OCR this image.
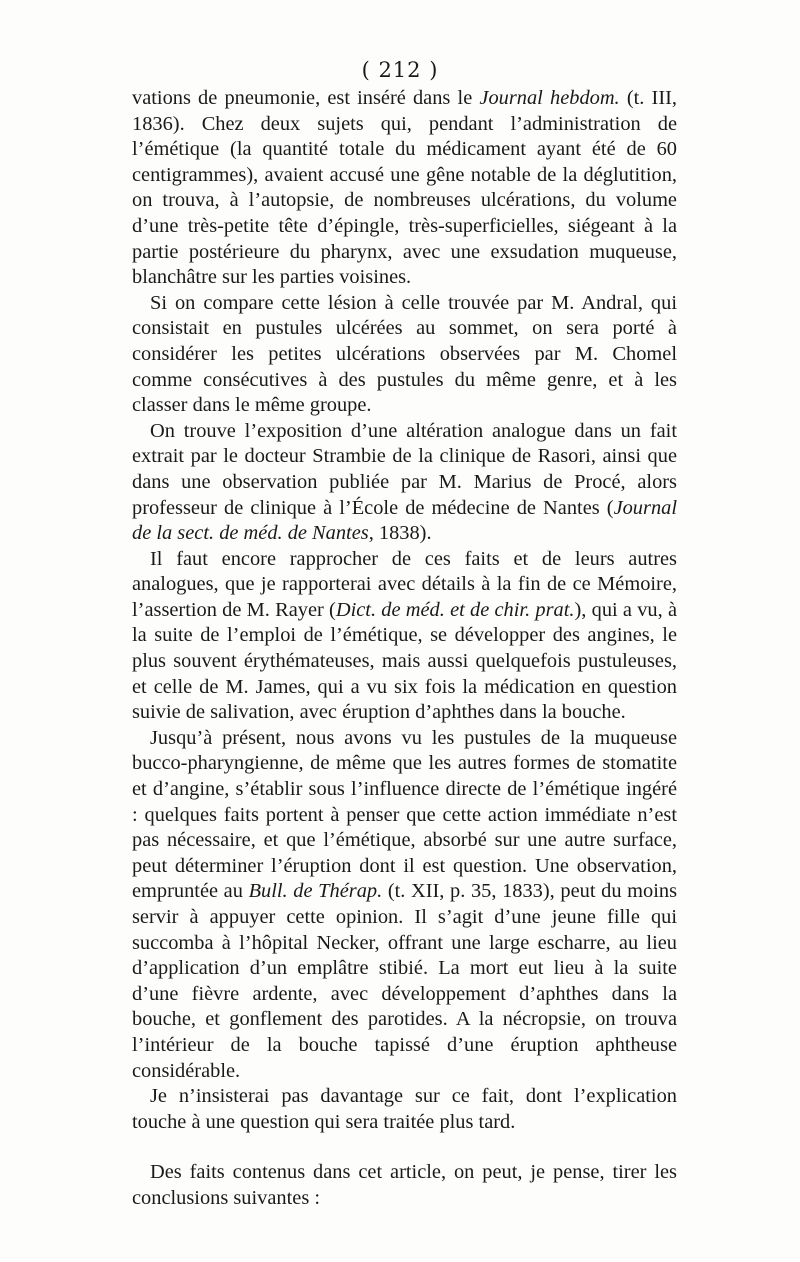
( 212 )

vations de pneumonie, est inséré dans le Journal hebdom. (t. III, 1836). Chez deux sujets qui, pendant l’administration de l’émétique (la quantité totale du médicament ayant été de 60 centigrammes), avaient accusé une gêne notable de la déglutition, on trouva, à l’autopsie, de nombreuses ulcérations, du volume d’une très-petite tête d’épingle, très-superficielles, siégeant à la partie postérieure du pharynx, avec une exsudation muqueuse, blanchâtre sur les parties voisines.

Si on compare cette lésion à celle trouvée par M. Andral, qui consistait en pustules ulcérées au sommet, on sera porté à considérer les petites ulcérations observées par M. Chomel comme consécutives à des pustules du même genre, et à les classer dans le même groupe.

On trouve l’exposition d’une altération analogue dans un fait extrait par le docteur Strambie de la clinique de Rasori, ainsi que dans une observation publiée par M. Marius de Procé, alors professeur de clinique à l’École de médecine de Nantes (Journal de la sect. de méd. de Nantes, 1838).

Il faut encore rapprocher de ces faits et de leurs autres analogues, que je rapporterai avec détails à la fin de ce Mémoire, l’assertion de M. Rayer (Dict. de méd. et de chir. prat.), qui a vu, à la suite de l’emploi de l’émétique, se développer des angines, le plus souvent érythémateuses, mais aussi quelquefois pustuleuses, et celle de M. James, qui a vu six fois la médication en question suivie de salivation, avec éruption d’aphthes dans la bouche.

Jusqu’à présent, nous avons vu les pustules de la muqueuse bucco-pharyngienne, de même que les autres formes de stomatite et d’angine, s’établir sous l’influence directe de l’émétique ingéré : quelques faits portent à penser que cette action immédiate n’est pas nécessaire, et que l’émétique, absorbé sur une autre surface, peut déterminer l’éruption dont il est question. Une observation, empruntée au Bull. de Thérap. (t. XII, p. 35, 1833), peut du moins servir à appuyer cette opinion. Il s’agit d’une jeune fille qui succomba à l’hôpital Necker, offrant une large escharre, au lieu d’application d’un emplâtre stibié. La mort eut lieu à la suite d’une fièvre ardente, avec développement d’aphthes dans la bouche, et gonflement des parotides. A la nécropsie, on trouva l’intérieur de la bouche tapissé d’une éruption aphtheuse considérable.

Je n’insisterai pas davantage sur ce fait, dont l’explication touche à une question qui sera traitée plus tard.

Des faits contenus dans cet article, on peut, je pense, tirer les conclusions suivantes :
